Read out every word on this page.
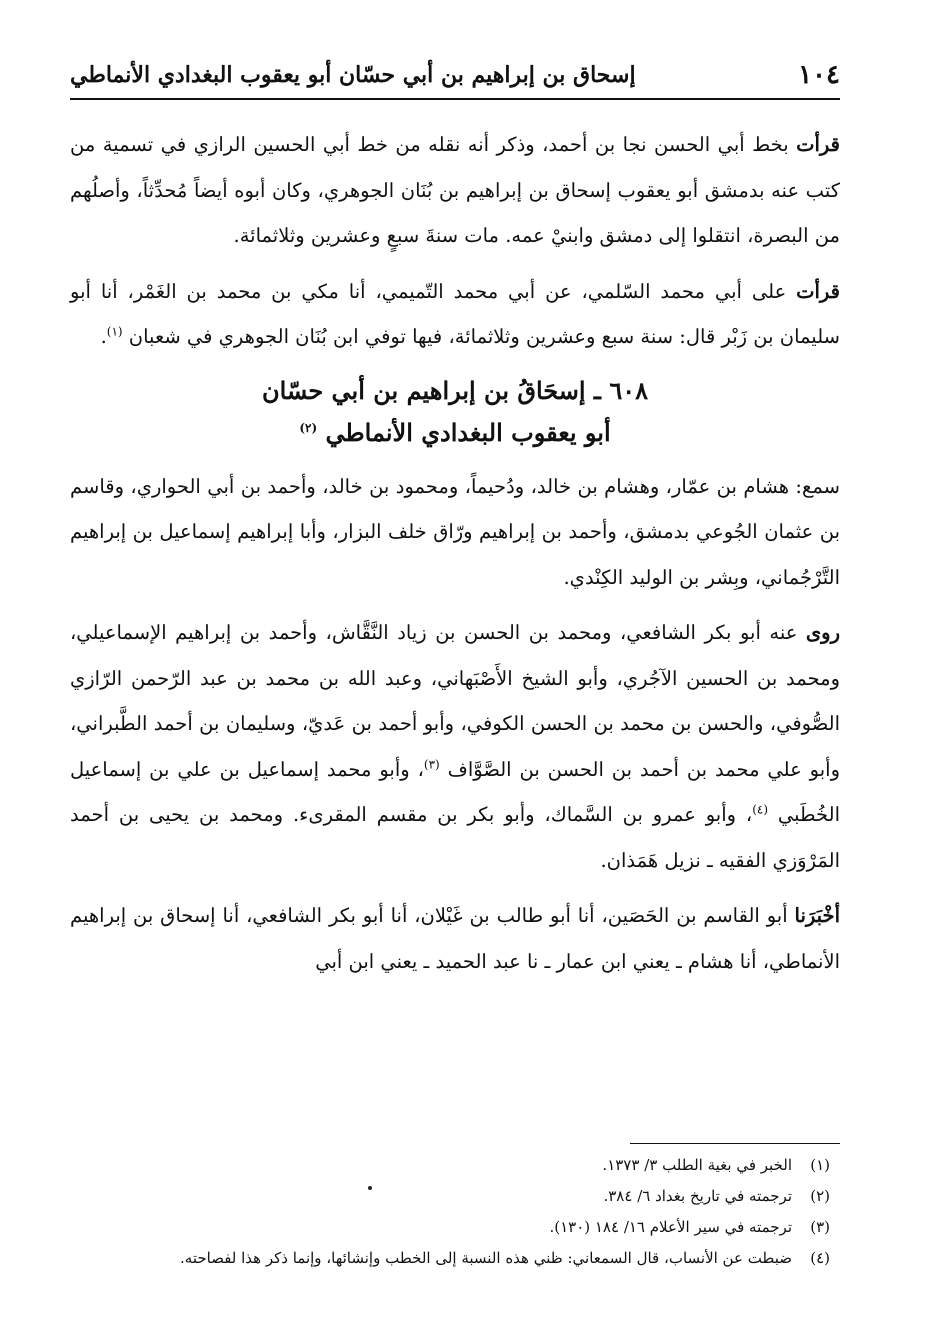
١٠٤
إسحاق بن إبراهيم بن أبي حسّان أبو يعقوب البغدادي الأنماطي

قرأت بخط أبي الحسن نجا بن أحمد، وذكر أنه نقله من خط أبي الحسين الرازي في تسمية من كتب عنه بدمشق أبو يعقوب إسحاق بن إبراهيم بن بُنَان الجوهري، وكان أبوه أيضاً مُحدِّثاً، وأصلُهم من البصرة، انتقلوا إلى دمشق وابنيْ عمه. مات سنةَ سبعٍ وعشرين وثلاثمائة.

قرأت على أبي محمد السّلمي، عن أبي محمد التّميمي، أنا مكي بن محمد بن الغَمْر، أنا أبو سليمان بن زَبْر قال: سنة سبع وعشرين وثلاثمائة، فيها توفي ابن بُنَان الجوهري في شعبان $^{(١)}$.

٦٠٨ ـ إسحَاقُ بن إبراهيم بن أبي حسّان
أبو يعقوب البغدادي الأنماطي $^{(٢)}$

سمع: هشام بن عمّار، وهشام بن خالد، ودُحيماً، ومحمود بن خالد، وأحمد بن أبي الحواري، وقاسم بن عثمان الجُوعي بدمشق، وأحمد بن إبراهيم ورّاق خلف البزار، وأبا إبراهيم إسماعيل بن إبراهيم التَّرْجُماني، وبِشر بن الوليد الكِنْدي.

روى عنه أبو بكر الشافعي، ومحمد بن الحسن بن زياد النَّقَّاش، وأحمد بن إبراهيم الإسماعيلي، ومحمد بن الحسين الآجُري، وأبو الشيخ الأَصْبَهاني، وعبد الله بن محمد بن عبد الرّحمن الرّازي الصُّوفي، والحسن بن محمد بن الحسن الكوفي، وأبو أحمد بن عَديّ، وسليمان بن أحمد الطَّبراني، وأبو علي محمد بن أحمد بن الحسن بن الصَّوَّاف $^{(٣)}$، وأبو محمد إسماعيل بن علي بن إسماعيل الخُطَبي $^{(٤)}$، وأبو عمرو بن السَّماك، وأبو بكر بن مقسم المقرىء. ومحمد بن يحيى بن أحمد المَرْوَزي الفقيه ـ نزيل هَمَذان.

أخْبَرَنا أبو القاسم بن الحَصَين، أنا أبو طالب بن غَيْلان، أنا أبو بكر الشافعي، أنا إسحاق بن إبراهيم الأنماطي، أنا هشام ـ يعني ابن عمار ـ نا عبد الحميد ـ يعني ابن أبي

(١)
الخبر في بغية الطلب ٣/ ١٣٧٣.
(٢)
ترجمته في تاريخ بغداد ٦/ ٣٨٤.
(٣)
ترجمته في سير الأعلام ١٦/ ١٨٤ (١٣٠).
(٤)
ضبطت عن الأنساب، قال السمعاني: ظني هذه النسبة إلى الخطب وإنشائها، وإنما ذكر هذا لفصاحته.
